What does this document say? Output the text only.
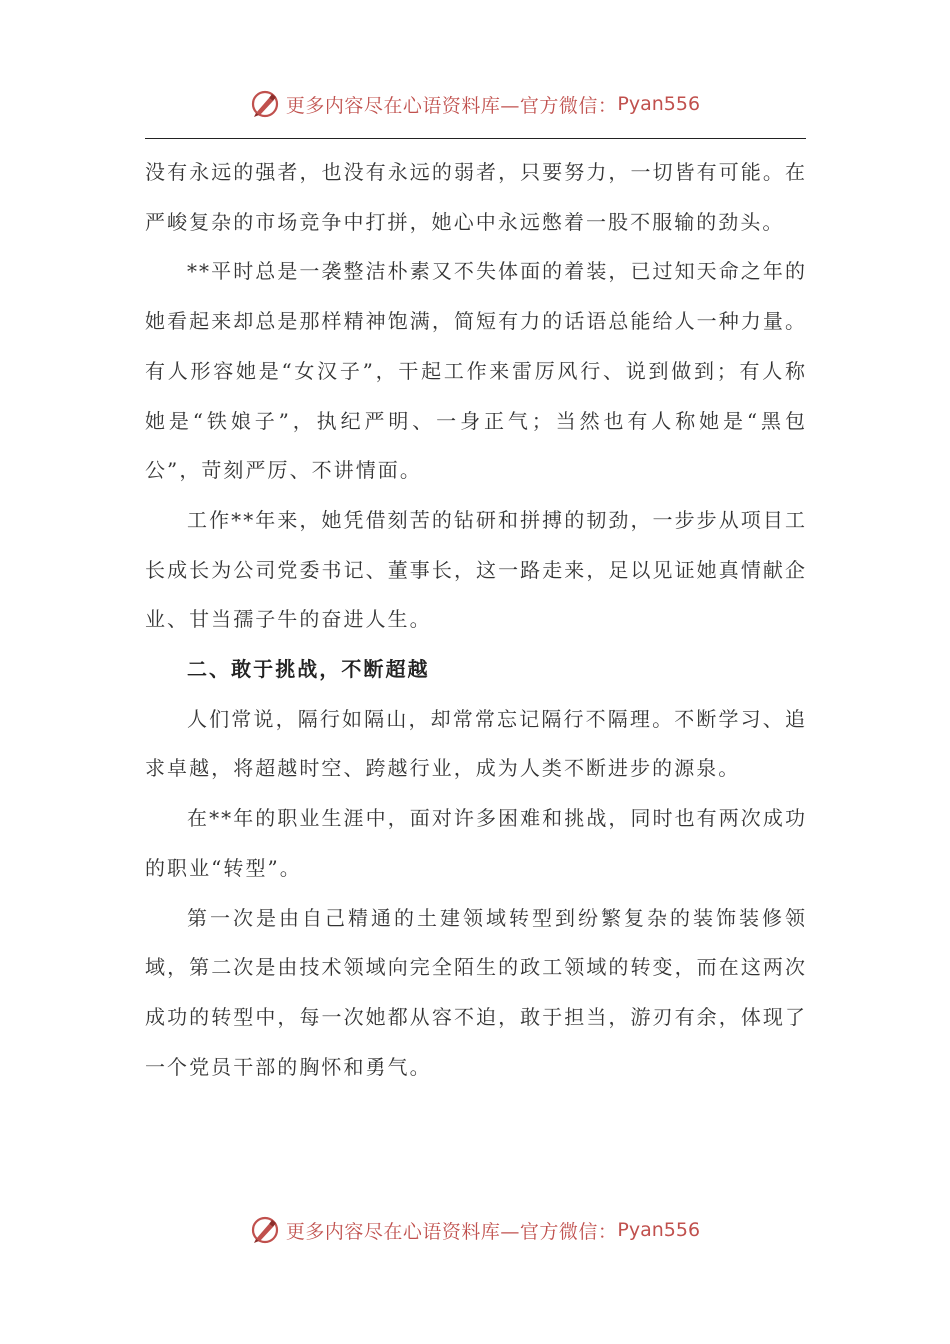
更多内容尽在心语资料库—官方微信： Pyan556

没有永远的强者，也没有永远的弱者，只要努力，一切皆有可能。在严峻复杂的市场竞争中打拼，她心中永远憋着一股不服输的劲头。

**平时总是一袭整洁朴素又不失体面的着装，已过知天命之年的她看起来却总是那样精神饱满，简短有力的话语总能给人一种力量。有人形容她是“女汉子”，干起工作来雷厉风行、说到做到；有人称她是“铁娘子”，执纪严明、一身正气；当然也有人称她是“黑包公”，苛刻严厉、不讲情面。

工作**年来，她凭借刻苦的钻研和拼搏的韧劲，一步步从项目工长成长为公司党委书记、董事长，这一路走来，足以见证她真情献企业、甘当孺子牛的奋进人生。

二、敢于挑战，不断超越

人们常说，隔行如隔山，却常常忘记隔行不隔理。不断学习、追求卓越，将超越时空、跨越行业，成为人类不断进步的源泉。

在**年的职业生涯中，面对许多困难和挑战，同时也有两次成功的职业“转型”。

第一次是由自己精通的土建领域转型到纷繁复杂的装饰装修领域，第二次是由技术领域向完全陌生的政工领域的转变，而在这两次成功的转型中，每一次她都从容不迫，敢于担当，游刃有余，体现了一个党员干部的胸怀和勇气。

更多内容尽在心语资料库—官方微信： Pyan556
